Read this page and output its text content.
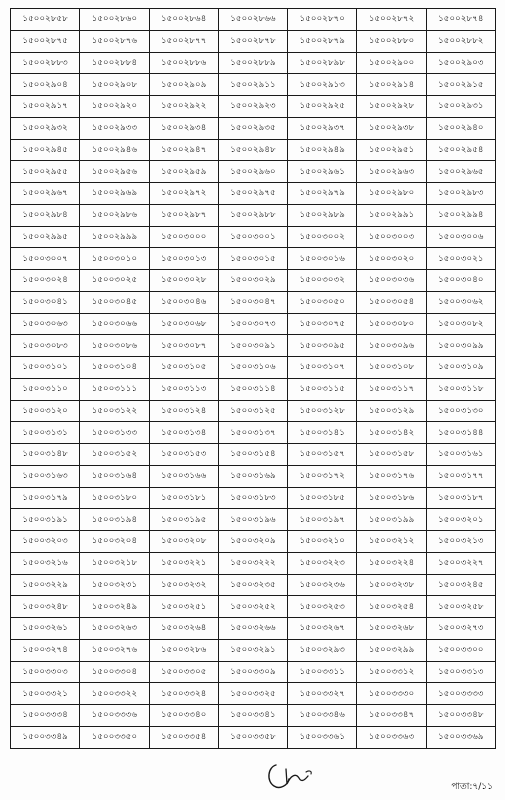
১৫০০২৮৫৮	১৫০০২৮৬০	১৫০০২৮৬৪	১৫০০২৮৬৬	১৫০০২৮৭০	১৫০০২৮৭২	১৫০০২৮৭৪
১৫০০২৮৭৫	১৫০০২৮৭৬	১৫০০২৮৭৭	১৫০০২৮৭৮	১৫০০২৮৭৯	১৫০০২৮৮০	১৫০০২৮৮২
১৫০০২৮৮৩	১৫০০২৮৮৪	১৫০০২৮৮৬	১৫০০২৮৮৯	১৫০০২৮৯৮	১৫০০২৯০০	১৫০০২৯০৩
১৫০০২৯০৪	১৫০০২৯০৮	১৫০০২৯০৯	১৫০০২৯১১	১৫০০২৯১৩	১৫০০২৯১৪	১৫০০২৯১৫
১৫০০২৯১৭	১৫০০২৯২০	১৫০০২৯২২	১৫০০২৯২৩	১৫০০২৯২৫	১৫০০২৯২৮	১৫০০২৯৩১
১৫০০২৯৩২	১৫০০২৯৩৩	১৫০০২৯৩৪	১৫০০২৯৩৫	১৫০০২৯৩৭	১৫০০২৯৩৮	১৫০০২৯৪০
১৫০০২৯৪৫	১৫০০২৯৪৬	১৫০০২৯৪৭	১৫০০২৯৪৮	১৫০০২৯৪৯	১৫০০২৯৫১	১৫০০২৯৫৪
১৫০০২৯৫৫	১৫০০২৯৫৬	১৫০০২৯৫৯	১৫০০২৯৬০	১৫০০২৯৬১	১৫০০২৯৬৩	১৫০০২৯৬৫
১৫০০২৯৬৭	১৫০০২৯৬৯	১৫০০২৯৭২	১৫০০২৯৭৫	১৫০০২৯৭৯	১৫০০২৯৮০	১৫০০২৯৮৩
১৫০০২৯৮৪	১৫০০২৯৮৬	১৫০০২৯৮৭	১৫০০২৯৮৮	১৫০০২৯৮৯	১৫০০২৯৯১	১৫০০২৯৯৪
১৫০০২৯৯৫	১৫০০২৯৯৯	১৫০০৩০০০	১৫০০৩০০১	১৫০০৩০০২	১৫০০৩০০৩	১৫০০৩০০৬
১৫০০৩০০৭	১৫০০৩০১০	১৫০০৩০১৩	১৫০০৩০১৫	১৫০০৩০১৬	১৫০০৩০২০	১৫০০৩০২১
১৫০০৩০২৪	১৫০০৩০২৫	১৫০০৩০২৮	১৫০০৩০২৯	১৫০০৩০৩২	১৫০০৩০৩৬	১৫০০৩০৪০
১৫০০৩০৪১	১৫০০৩০৪৫	১৫০০৩০৪৬	১৫০০৩০৪৭	১৫০০৩০৫০	১৫০০৩০৫৪	১৫০০৩০৬২
১৫০০৩০৬৩	১৫০০৩০৬৬	১৫০০৩০৬৮	১৫০০৩০৭৩	১৫০০৩০৭৫	১৫০০৩০৮০	১৫০০৩০৮২
১৫০০৩০৮৩	১৫০০৩০৮৬	১৫০০৩০৮৭	১৫০০৩০৯১	১৫০০৩০৯৫	১৫০০৩০৯৬	১৫০০৩০৯৯
১৫০০৩১০১	১৫০০৩১০৪	১৫০০৩১০৫	১৫০০৩১০৬	১৫০০৩১০৭	১৫০০৩১০৮	১৫০০৩১০৯
১৫০০৩১১০	১৫০০৩১১১	১৫০০৩১১৩	১৫০০৩১১৪	১৫০০৩১১৫	১৫০০৩১১৭	১৫০০৩১১৮
১৫০০৩১২০	১৫০০৩১২২	১৫০০৩১২৪	১৫০০৩১২৫	১৫০০৩১২৮	১৫০০৩১২৯	১৫০০৩১৩০
১৫০০৩১৩১	১৫০০৩১৩৩	১৫০০৩১৩৪	১৫০০৩১৩৭	১৫০০৩১৪১	১৫০০৩১৪২	১৫০০৩১৪৪
১৫০০৩১৪৮	১৫০০৩১৫২	১৫০০৩১৫৩	১৫০০৩১৫৪	১৫০০৩১৫৭	১৫০০৩১৫৮	১৫০০৩১৬১
১৫০০৩১৬৩	১৫০০৩১৬৪	১৫০০৩১৬৬	১৫০০৩১৬৯	১৫০০৩১৭২	১৫০০৩১৭৬	১৫০০৩১৭৭
১৫০০৩১৭৯	১৫০০৩১৮০	১৫০০৩১৮১	১৫০০৩১৮৩	১৫০০৩১৮৫	১৫০০৩১৮৬	১৫০০৩১৮৭
১৫০০৩১৯১	১৫০০৩১৯৪	১৫০০৩১৯৫	১৫০০৩১৯৬	১৫০০৩১৯৭	১৫০০৩১৯৯	১৫০০৩২০১
১৫০০৩২০৩	১৫০০৩২০৪	১৫০০৩২০৮	১৫০০৩২০৯	১৫০০৩২১০	১৫০০৩২১২	১৫০০৩২১৩
১৫০০৩২১৬	১৫০০৩২১৮	১৫০০৩২২১	১৫০০৩২২২	১৫০০৩২২৩	১৫০০৩২২৪	১৫০০৩২২৭
১৫০০৩২২৯	১৫০০৩২৩১	১৫০০৩২৩২	১৫০০৩২৩৫	১৫০০৩২৩৬	১৫০০৩২৩৮	১৫০০৩২৪৫
১৫০০৩২৪৮	১৫০০৩২৪৯	১৫০০৩২৫১	১৫০০৩২৫২	১৫০০৩২৫৩	১৫০০৩২৫৪	১৫০০৩২৫৮
১৫০০৩২৬১	১৫০০৩২৬৩	১৫০০৩২৬৪	১৫০০৩২৬৬	১৫০০৩২৬৭	১৫০০৩২৬৮	১৫০০৩২৭৩
১৫০০৩২৭৪	১৫০০৩২৭৬	১৫০০৩২৮৬	১৫০০৩২৯১	১৫০০৩২৯৩	১৫০০৩২৯৯	১৫০০৩৩০০
১৫০০৩৩০৩	১৫০০৩৩০৪	১৫০০৩৩০৫	১৫০০৩৩০৯	১৫০০৩৩১১	১৫০০৩৩১২	১৫০০৩৩১৩
১৫০০৩৩২১	১৫০০৩৩২২	১৫০০৩৩২৪	১৫০০৩৩২৫	১৫০০৩৩২৭	১৫০০৩৩৩০	১৫০০৩৩৩৩
১৫০০৩৩৩৪	১৫০০৩৩৩৬	১৫০০৩৩৪০	১৫০০৩৩৪১	১৫০০৩৩৪৬	১৫০০৩৩৪৭	১৫০০৩৩৪৮
১৫০০৩৩৪৯	১৫০০৩৩৫০	১৫০০৩৩৫৪	১৫০০৩৩৫৮	১৫০০৩৩৬১	১৫০০৩৩৬৩	১৫০০৩৩৬৯
পাতা:৭/১১
